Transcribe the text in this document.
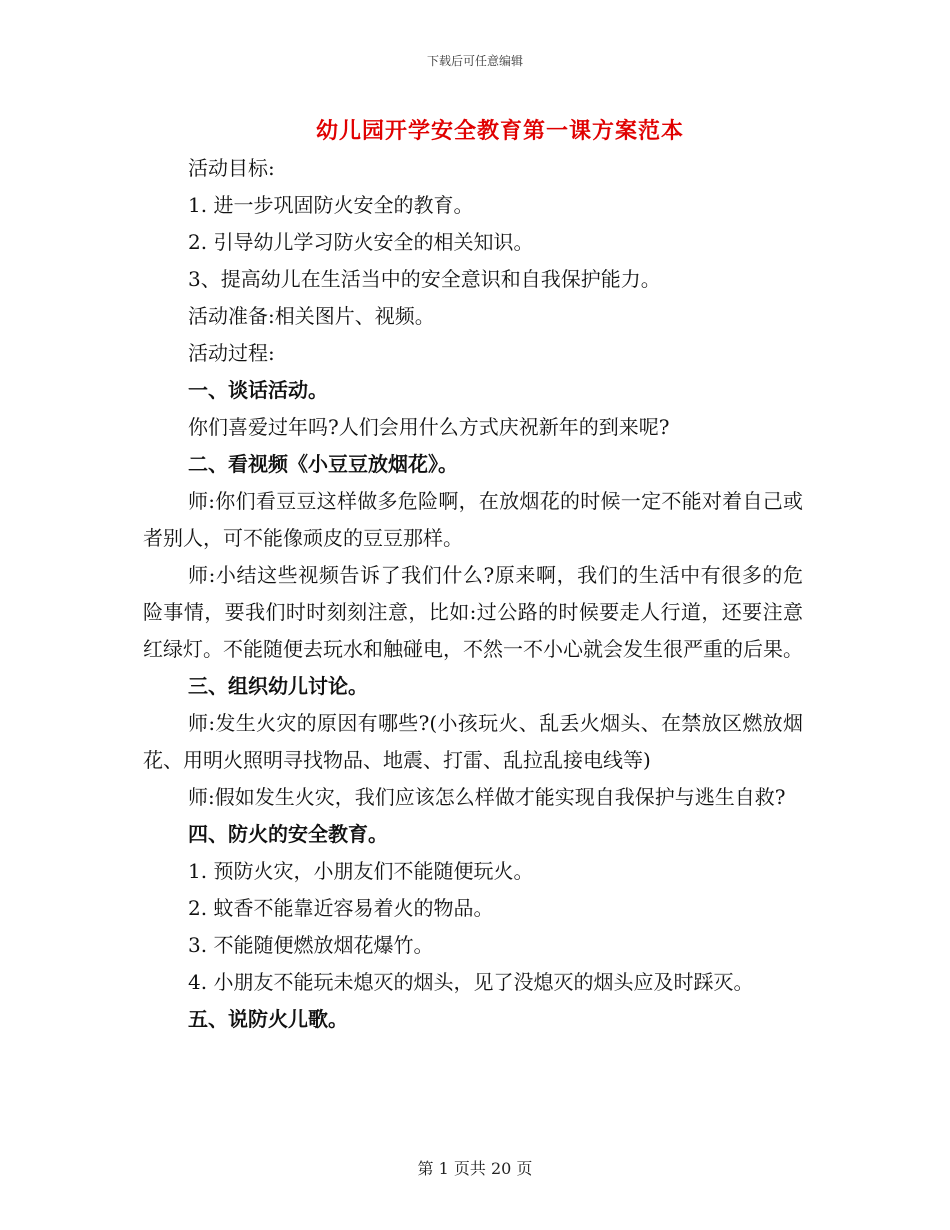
下载后可任意编辑
幼儿园开学安全教育第一课方案范本

活动目标:

1. 进一步巩固防火安全的教育。

2. 引导幼儿学习防火安全的相关知识。

3、提高幼儿在生活当中的安全意识和自我保护能力。

活动准备:相关图片、视频。

活动过程:

一、谈话活动。

你们喜爱过年吗?人们会用什么方式庆祝新年的到来呢?

二、看视频《小豆豆放烟花》。

师:你们看豆豆这样做多危险啊，在放烟花的时候一定不能对着自己或者别人，可不能像顽皮的豆豆那样。

师:小结这些视频告诉了我们什么?原来啊，我们的生活中有很多的危险事情，要我们时时刻刻注意，比如:过公路的时候要走人行道，还要注意红绿灯。不能随便去玩水和触碰电，不然一不小心就会发生很严重的后果。

三、组织幼儿讨论。

师:发生火灾的原因有哪些?(小孩玩火、乱丢火烟头、在禁放区燃放烟花、用明火照明寻找物品、地震、打雷、乱拉乱接电线等)

师:假如发生火灾，我们应该怎么样做才能实现自我保护与逃生自救?

四、防火的安全教育。

1. 预防火灾，小朋友们不能随便玩火。

2. 蚊香不能靠近容易着火的物品。

3. 不能随便燃放烟花爆竹。

4. 小朋友不能玩未熄灭的烟头，见了没熄灭的烟头应及时踩灭。

五、说防火儿歌。

第 1 页共 20 页
